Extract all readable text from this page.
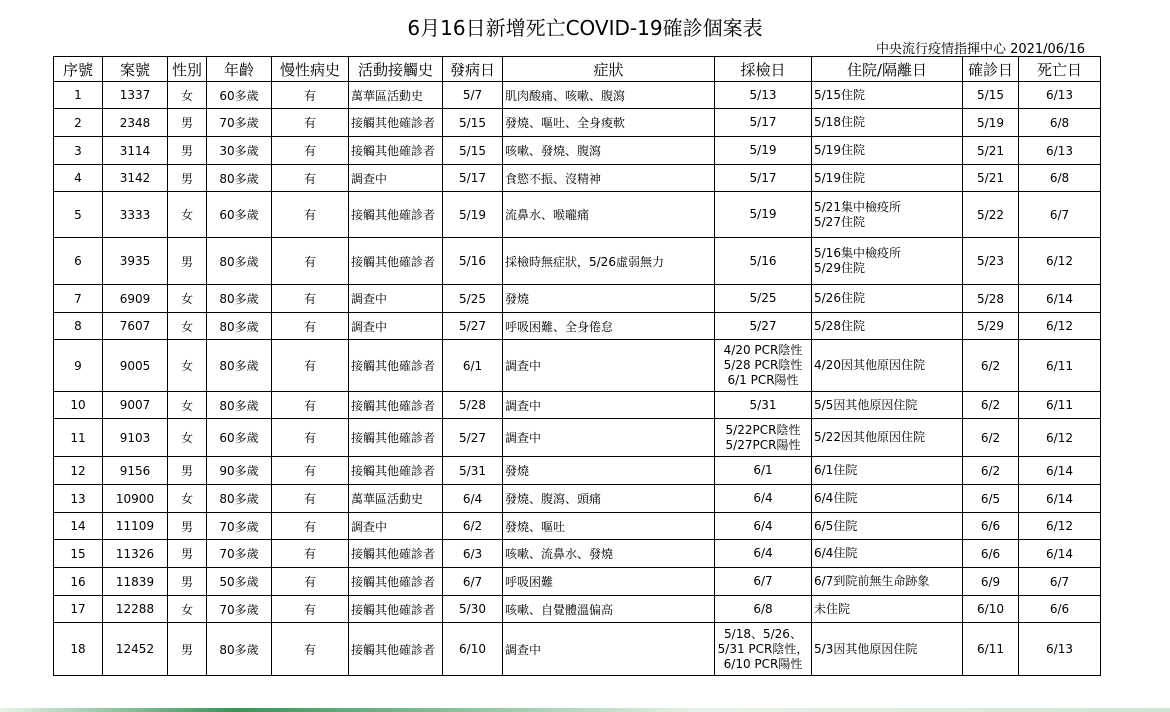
6月16日新增死亡COVID-19確診個案表
中央流行疫情指揮中心 2021/06/16
序號	案號	性別	年齡	慢性病史	活動接觸史	發病日	症狀	採檢日	住院/隔離日	確診日	死亡日
1	1337	女	60多歲	有	萬華區活動史	5/7	肌肉酸痛、咳嗽、腹瀉	5/13	5/15住院	5/15	6/13
2	2348	男	70多歲	有	接觸其他確診者	5/15	發燒、嘔吐、全身痠軟	5/17	5/18住院	5/19	6/8
3	3114	男	30多歲	有	接觸其他確診者	5/15	咳嗽、發燒、腹瀉	5/19	5/19住院	5/21	6/13
4	3142	男	80多歲	有	調查中	5/17	食慾不振、沒精神	5/17	5/19住院	5/21	6/8
5	3333	女	60多歲	有	接觸其他確診者	5/19	流鼻水、喉嚨痛	5/19	5/21集中檢疫所
5/27住院	5/22	6/7
6	3935	男	80多歲	有	接觸其他確診者	5/16	採檢時無症狀，5/26虛弱無力	5/16	5/16集中檢疫所
5/29住院	5/23	6/12
7	6909	女	80多歲	有	調查中	5/25	發燒	5/25	5/26住院	5/28	6/14
8	7607	女	80多歲	有	調查中	5/27	呼吸困難、全身倦怠	5/27	5/28住院	5/29	6/12
9	9005	女	80多歲	有	接觸其他確診者	6/1	調查中	4/20 PCR陰性
5/28 PCR陰性
6/1 PCR陽性	4/20因其他原因住院	6/2	6/11
10	9007	女	80多歲	有	接觸其他確診者	5/28	調查中	5/31	5/5因其他原因住院	6/2	6/11
11	9103	女	60多歲	有	接觸其他確診者	5/27	調查中	5/22PCR陰性
5/27PCR陽性	5/22因其他原因住院	6/2	6/12
12	9156	男	90多歲	有	接觸其他確診者	5/31	發燒	6/1	6/1住院	6/2	6/14
13	10900	女	80多歲	有	萬華區活動史	6/4	發燒、腹瀉、頭痛	6/4	6/4住院	6/5	6/14
14	11109	男	70多歲	有	調查中	6/2	發燒、嘔吐	6/4	6/5住院	6/6	6/12
15	11326	男	70多歲	有	接觸其他確診者	6/3	咳嗽、流鼻水、發燒	6/4	6/4住院	6/6	6/14
16	11839	男	50多歲	有	接觸其他確診者	6/7	呼吸困難	6/7	6/7到院前無生命跡象	6/9	6/7
17	12288	女	70多歲	有	接觸其他確診者	5/30	咳嗽、自覺體溫偏高	6/8	未住院	6/10	6/6
18	12452	男	80多歲	有	接觸其他確診者	6/10	調查中	5/18、5/26、
5/31 PCR陰性，
6/10 PCR陽性	5/3因其他原因住院	6/11	6/13
